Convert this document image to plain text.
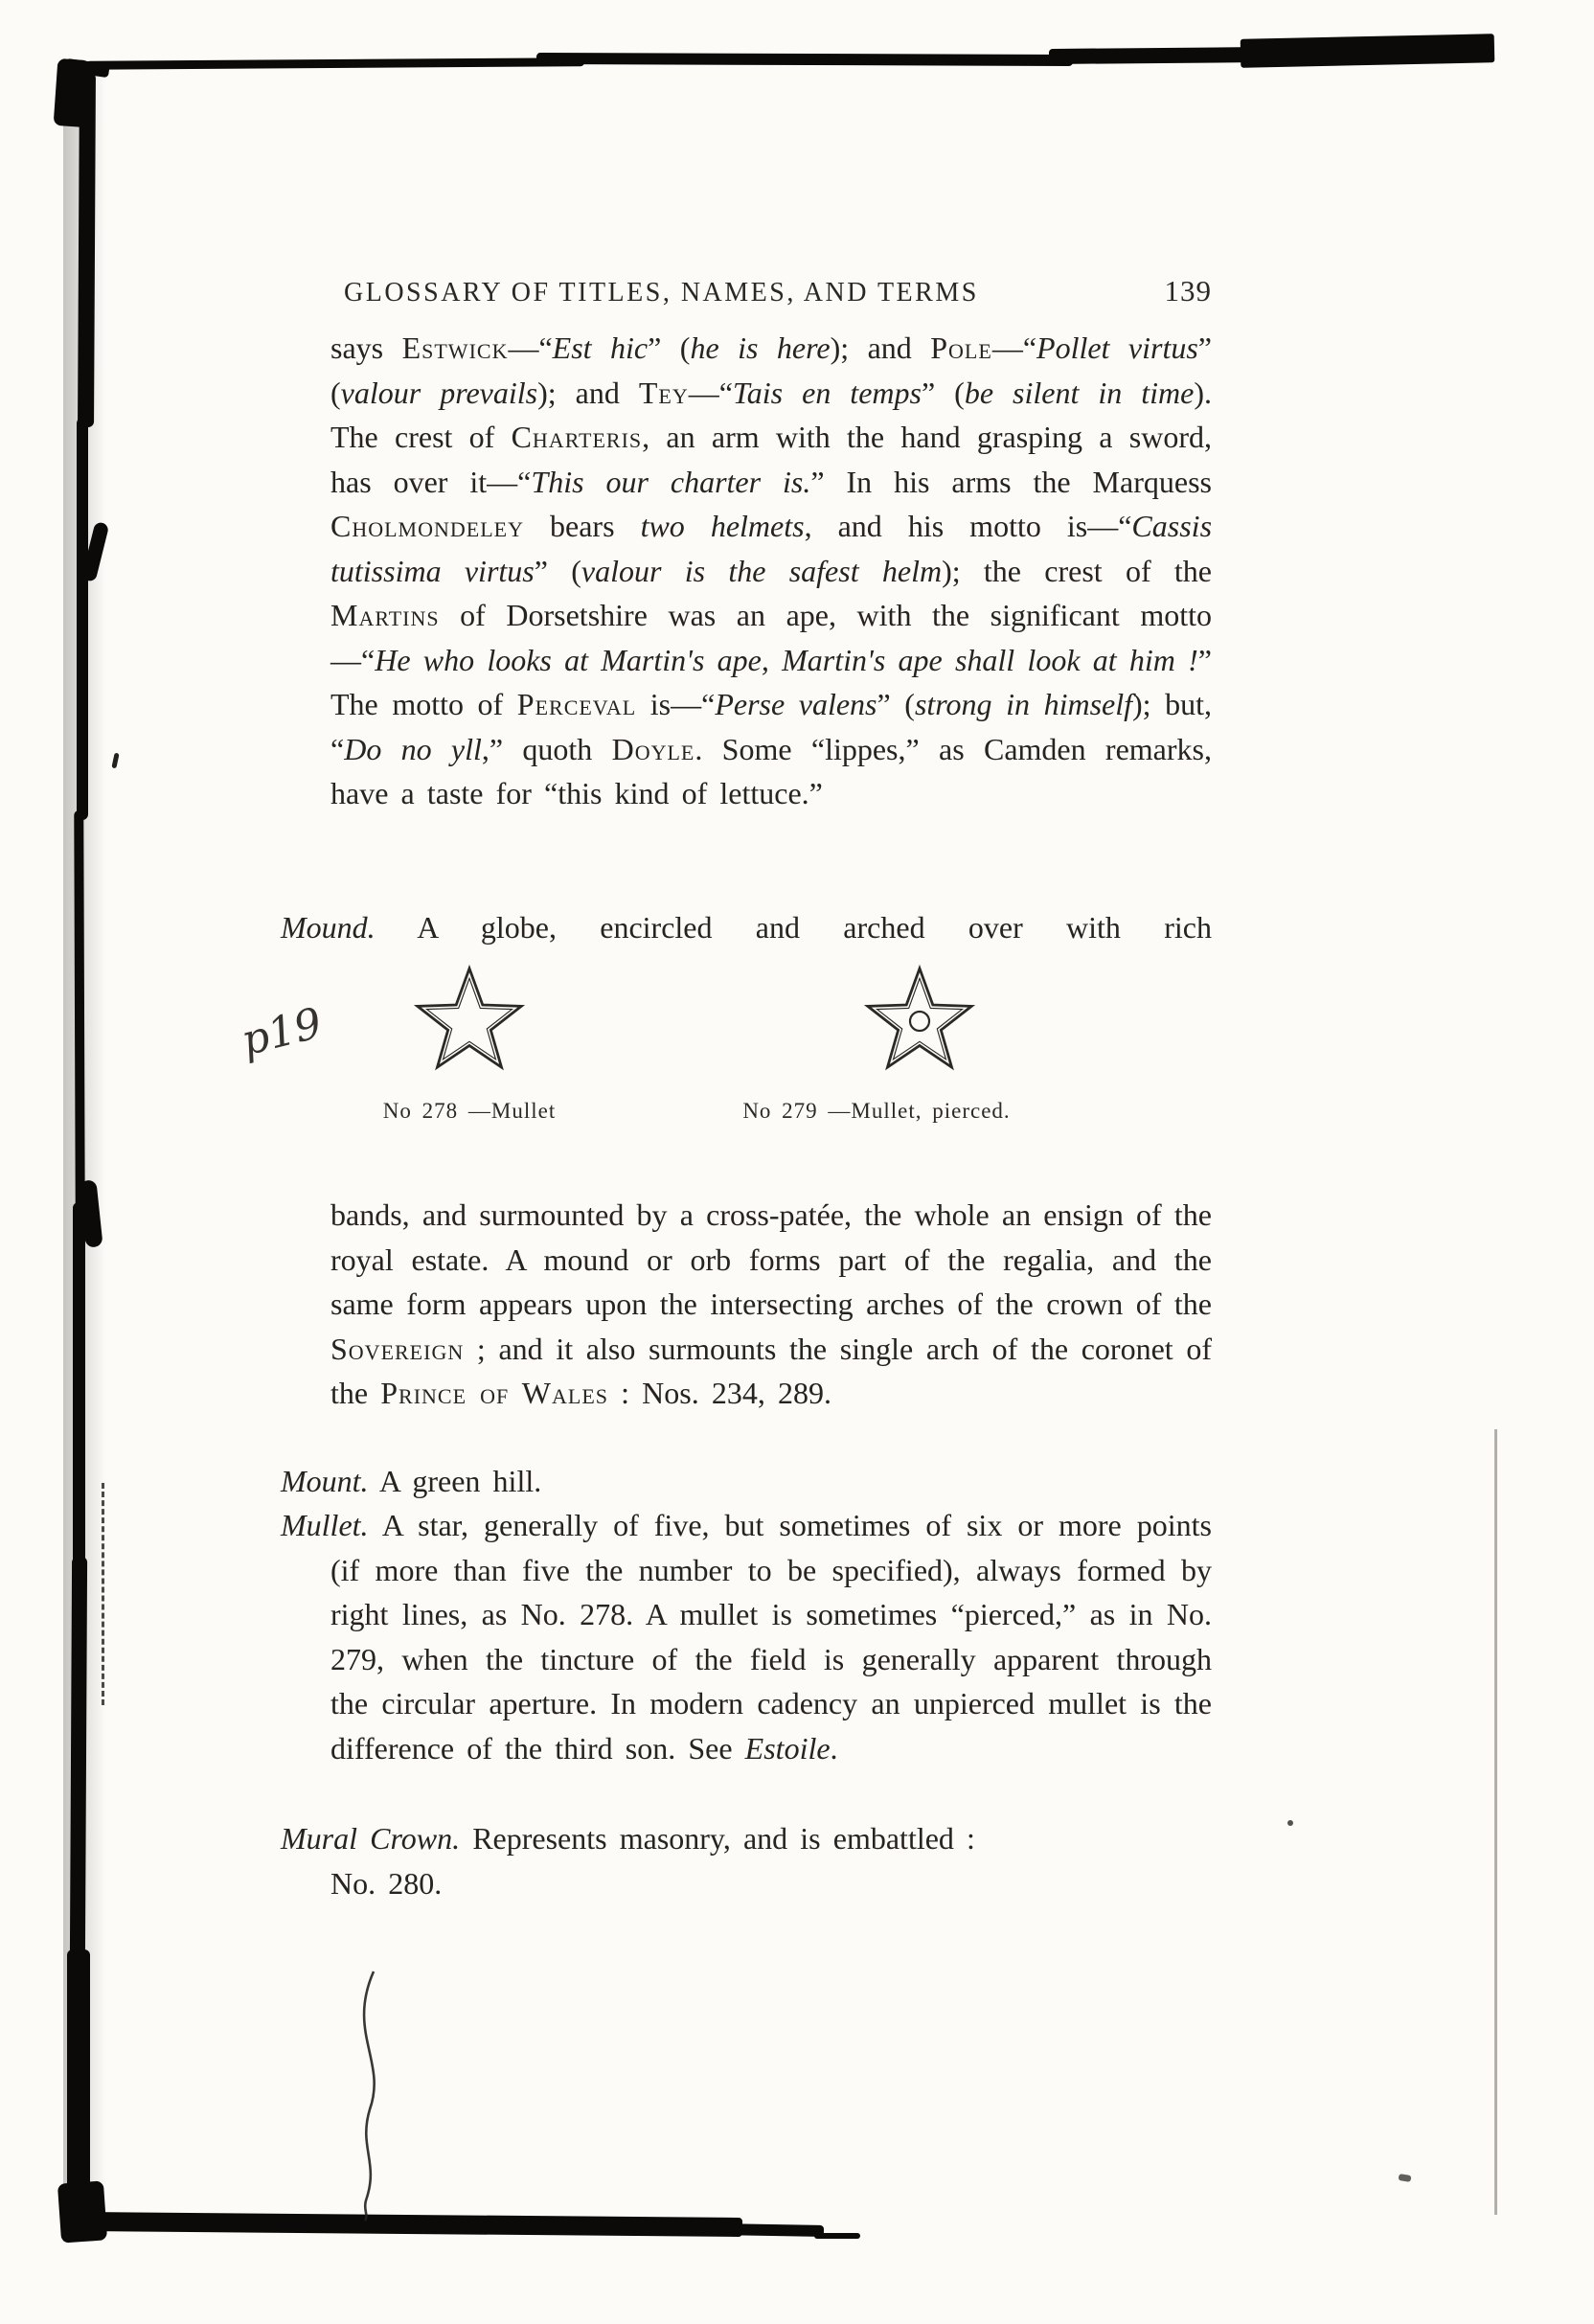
GLOSSARY OF TITLES, NAMES, AND TERMS	139

says Estwick—“Est hic” (he is here); and Pole—“Pollet virtus” (valour prevails); and Tey—“Tais en temps” (be silent in time). The crest of Charteris, an arm with the hand grasping a sword, has over it—“This our charter is.” In his arms the Marquess Cholmondeley bears two helmets, and his motto is—“Cassis tutissima virtus” (valour is the safest helm); the crest of the Martins of Dorsetshire was an ape, with the significant motto—“He who looks at Martin's ape, Martin's ape shall look at him !” The motto of Perceval is—“Perse valens” (strong in himself); but, “Do no yll,” quoth Doyle. Some “lippes,” as Camden remarks, have a taste for “this kind of lettuce.”

Mound. A globe, encircled and arched over with rich

bands, and surmounted by a cross-patée, the whole an ensign of the royal estate. A mound or orb forms part of the regalia, and the same form appears upon the intersecting arches of the crown of the Sovereign ; and it also surmounts the single arch of the coronet of the Prince of Wales : Nos. 234, 289.

Mount. A green hill.

Mullet. A star, generally of five, but sometimes of six or more points (if more than five the number to be specified), always formed by right lines, as No. 278. A mullet is sometimes “pierced,” as in No. 279, when the tincture of the field is generally apparent through the circular aperture. In modern cadency an unpierced mullet is the difference of the third son. See Estoile.

Mural Crown. Represents masonry, and is embattled :
No. 280.

No 278 —Mullet	No 279 —Mullet, pierced.
p19
